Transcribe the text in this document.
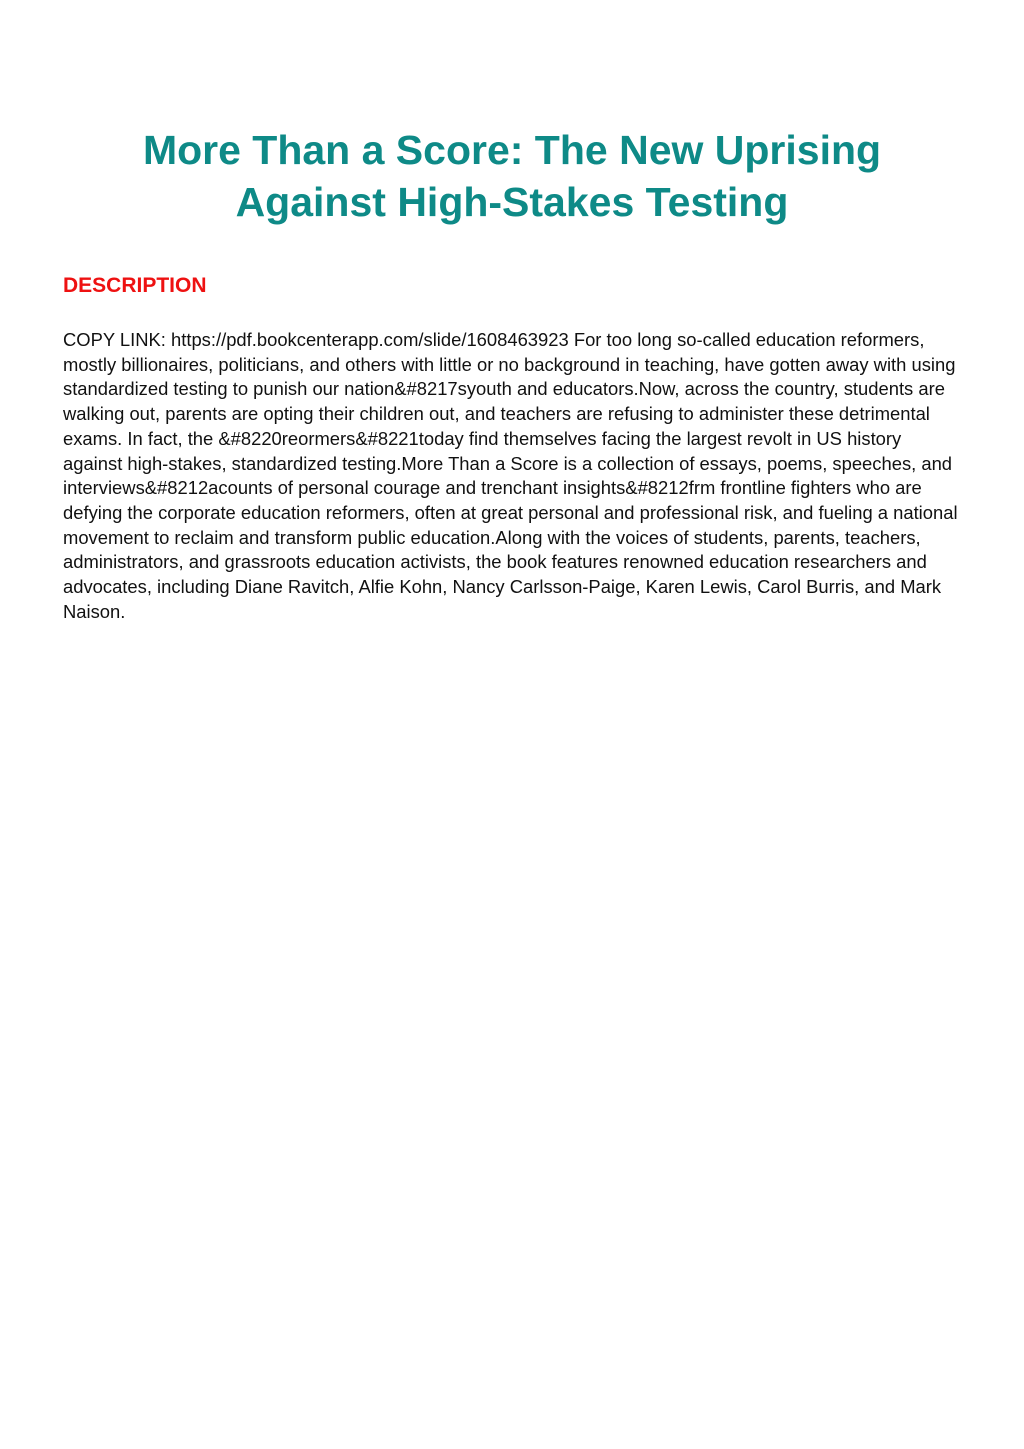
More Than a Score: The New Uprising Against High-Stakes Testing
DESCRIPTION

COPY LINK: https://pdf.bookcenterapp.com/slide/1608463923 For too long so-called education reformers, mostly billionaires, politicians, and others with little or no background in teaching, have gotten away with using standardized testing to punish our nation&#8217syouth and educators.Now, across the country, students are walking out, parents are opting their children out, and teachers are refusing to administer these detrimental exams. In fact, the &#8220reormers&#8221today find themselves facing the largest revolt in US history against high-stakes, standardized testing.More Than a Score is a collection of essays, poems, speeches, and interviews&#8212acounts of personal courage and trenchant insights&#8212frm frontline fighters who are defying the corporate education reformers, often at great personal and professional risk, and fueling a national movement to reclaim and transform public education.Along with the voices of students, parents, teachers, administrators, and grassroots education activists, the book features renowned education researchers and advocates, including Diane Ravitch, Alfie Kohn, Nancy Carlsson-Paige, Karen Lewis, Carol Burris, and Mark Naison.
